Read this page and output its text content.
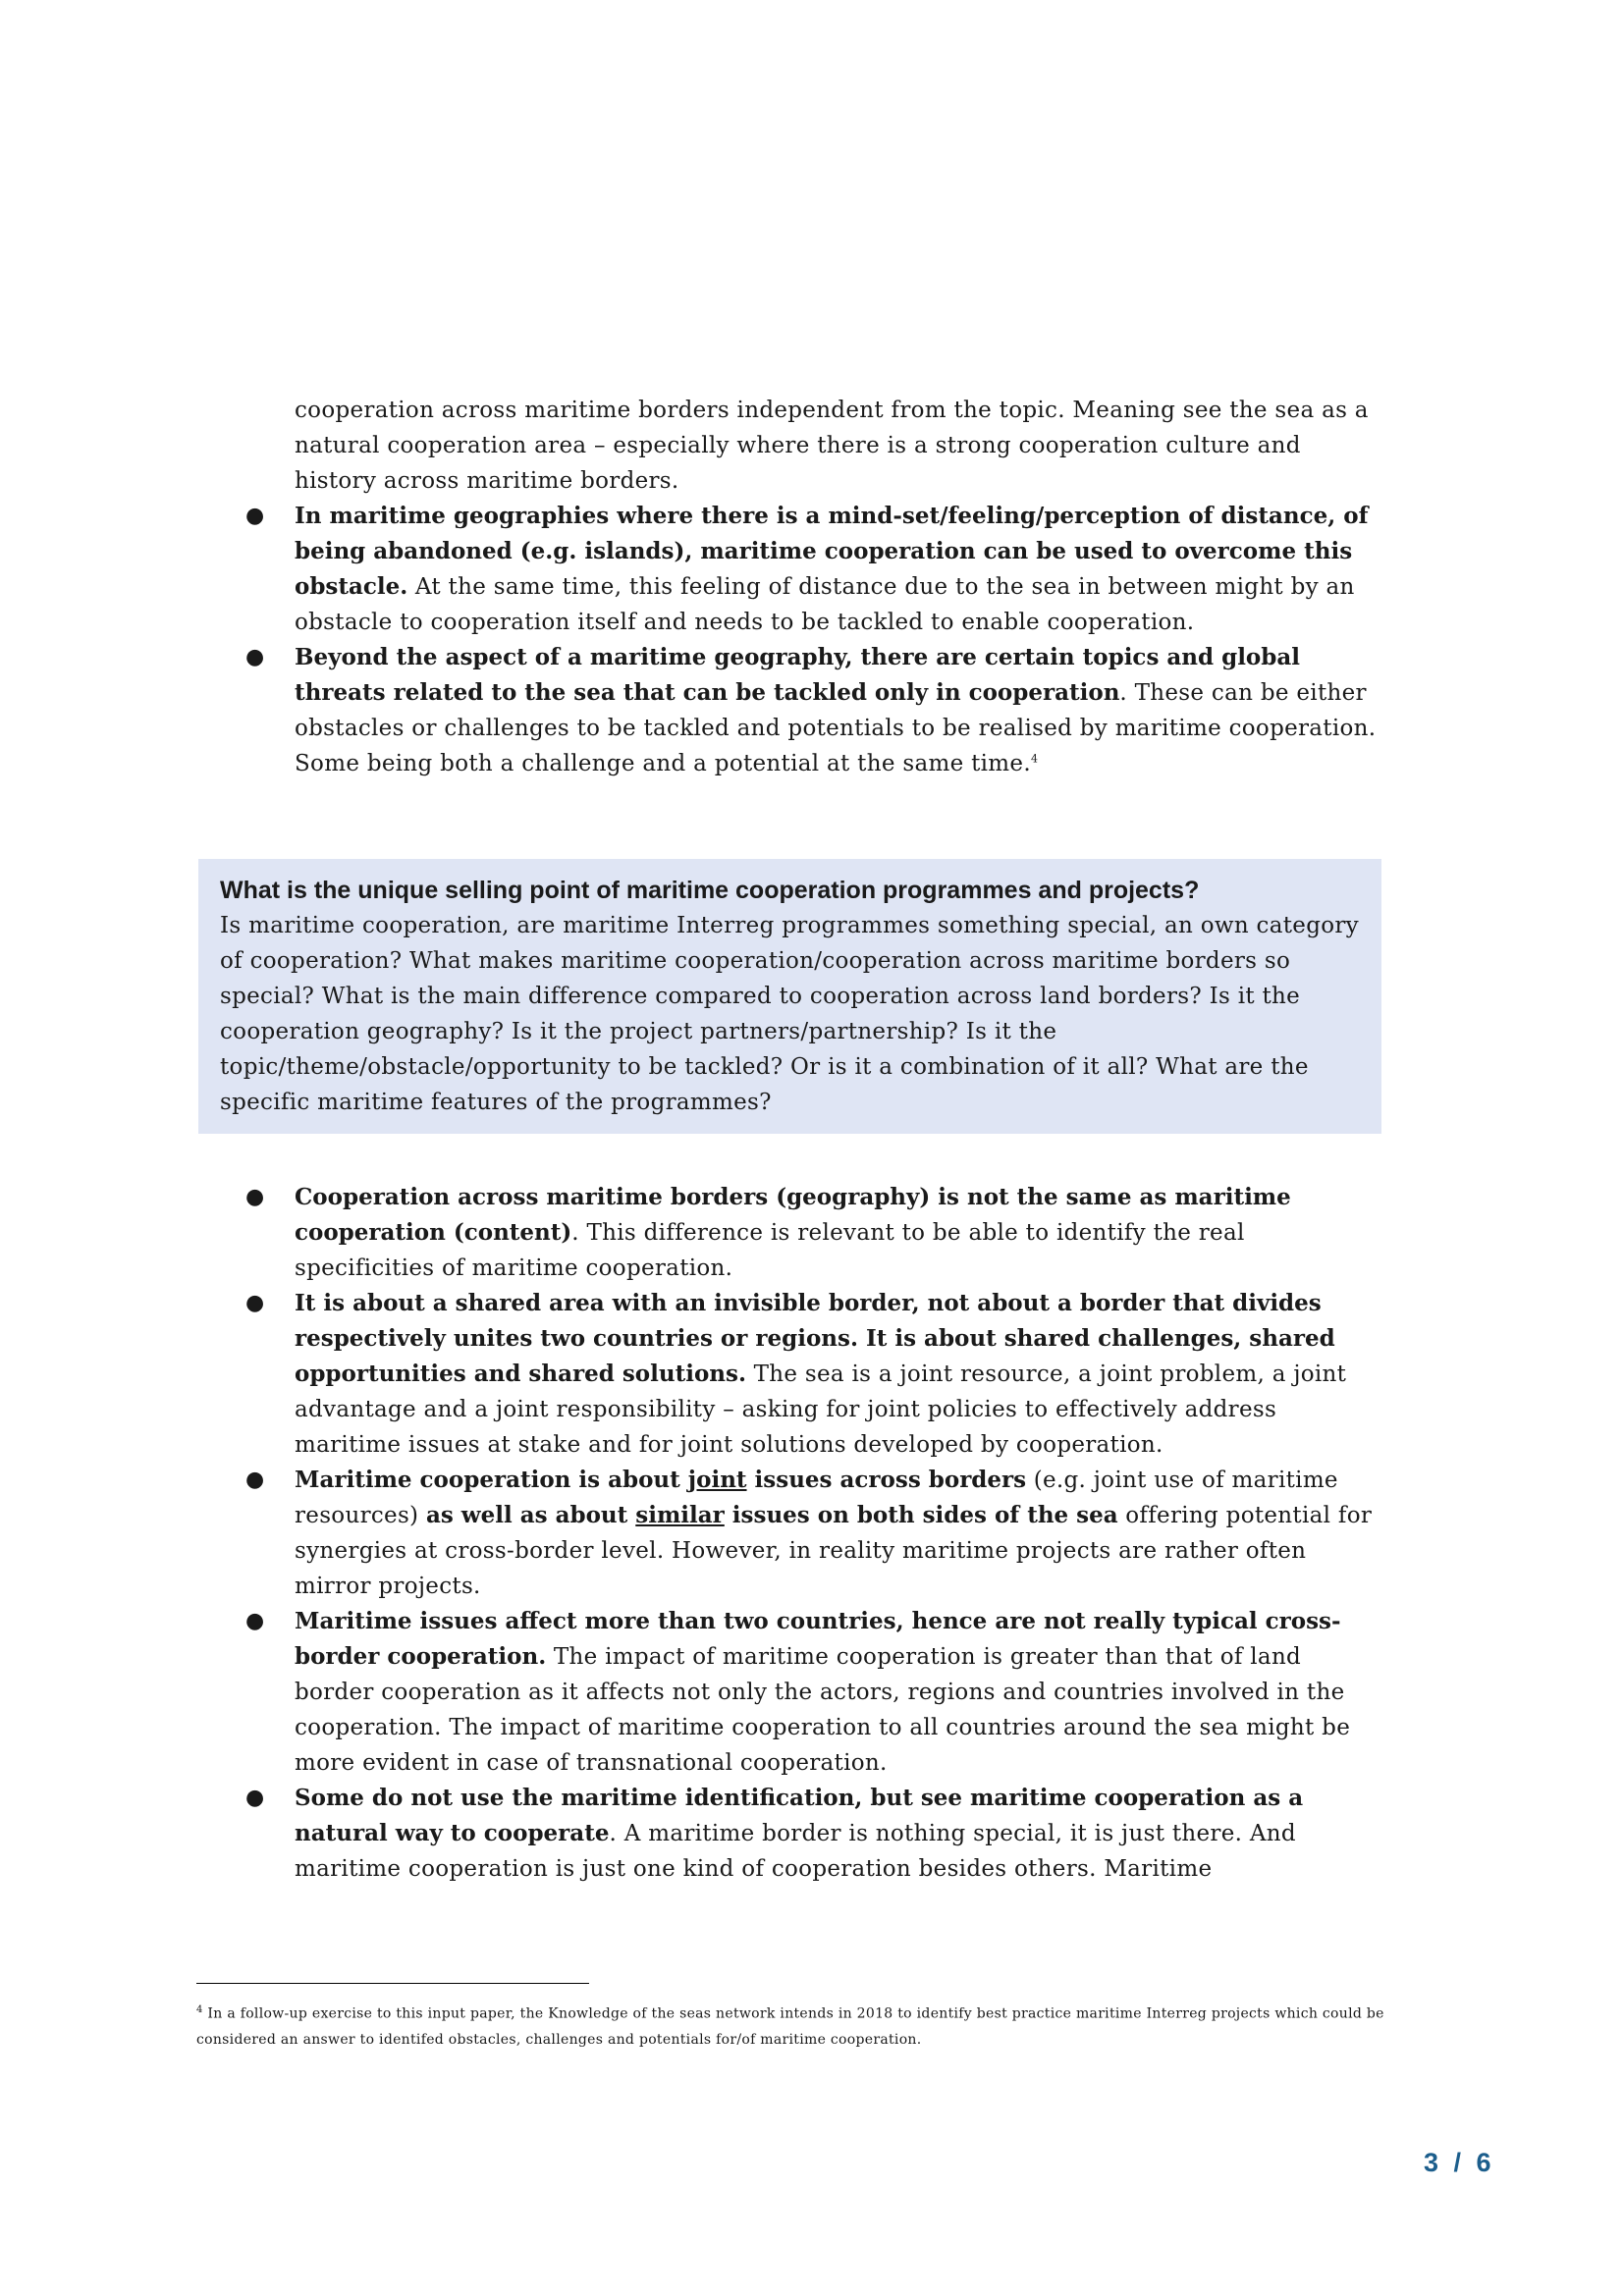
cooperation across maritime borders independent from the topic. Meaning see the sea as a natural cooperation area – especially where there is a strong cooperation culture and history across maritime borders.

● In maritime geographies where there is a mind-set/feeling/perception of distance, of being abandoned (e.g. islands), maritime cooperation can be used to overcome this obstacle. At the same time, this feeling of distance due to the sea in between might by an obstacle to cooperation itself and needs to be tackled to enable cooperation.
● Beyond the aspect of a maritime geography, there are certain topics and global threats related to the sea that can be tackled only in cooperation. These can be either obstacles or challenges to be tackled and potentials to be realised by maritime cooperation. Some being both a challenge and a potential at the same time.$^4$
What is the unique selling point of maritime cooperation programmes and projects?

Is maritime cooperation, are maritime Interreg programmes something special, an own category of cooperation? What makes maritime cooperation/cooperation across maritime borders so special? What is the main difference compared to cooperation across land borders? Is it the cooperation geography? Is it the project partners/partnership? Is it the topic/theme/obstacle/opportunity to be tackled? Or is it a combination of it all? What are the specific maritime features of the programmes?

● Cooperation across maritime borders (geography) is not the same as maritime cooperation (content). This difference is relevant to be able to identify the real specificities of maritime cooperation.
● It is about a shared area with an invisible border, not about a border that divides respectively unites two countries or regions. It is about shared challenges, shared opportunities and shared solutions. The sea is a joint resource, a joint problem, a joint advantage and a joint responsibility – asking for joint policies to effectively address maritime issues at stake and for joint solutions developed by cooperation.
● Maritime cooperation is about joint issues across borders (e.g. joint use of maritime resources) as well as about similar issues on both sides of the sea offering potential for synergies at cross-border level. However, in reality maritime projects are rather often mirror projects.
● Maritime issues affect more than two countries, hence are not really typical cross-border cooperation. The impact of maritime cooperation is greater than that of land border cooperation as it affects not only the actors, regions and countries involved in the cooperation. The impact of maritime cooperation to all countries around the sea might be more evident in case of transnational cooperation.
● Some do not use the maritime identification, but see maritime cooperation as a natural way to cooperate. A maritime border is nothing special, it is just there. And maritime cooperation is just one kind of cooperation besides others. Maritime

$^4$ In a follow-up exercise to this input paper, the Knowledge of the seas network intends in 2018 to identify best practice maritime Interreg projects which could be considered an answer to identifed obstacles, challenges and potentials for/of maritime cooperation.

3 / 6
